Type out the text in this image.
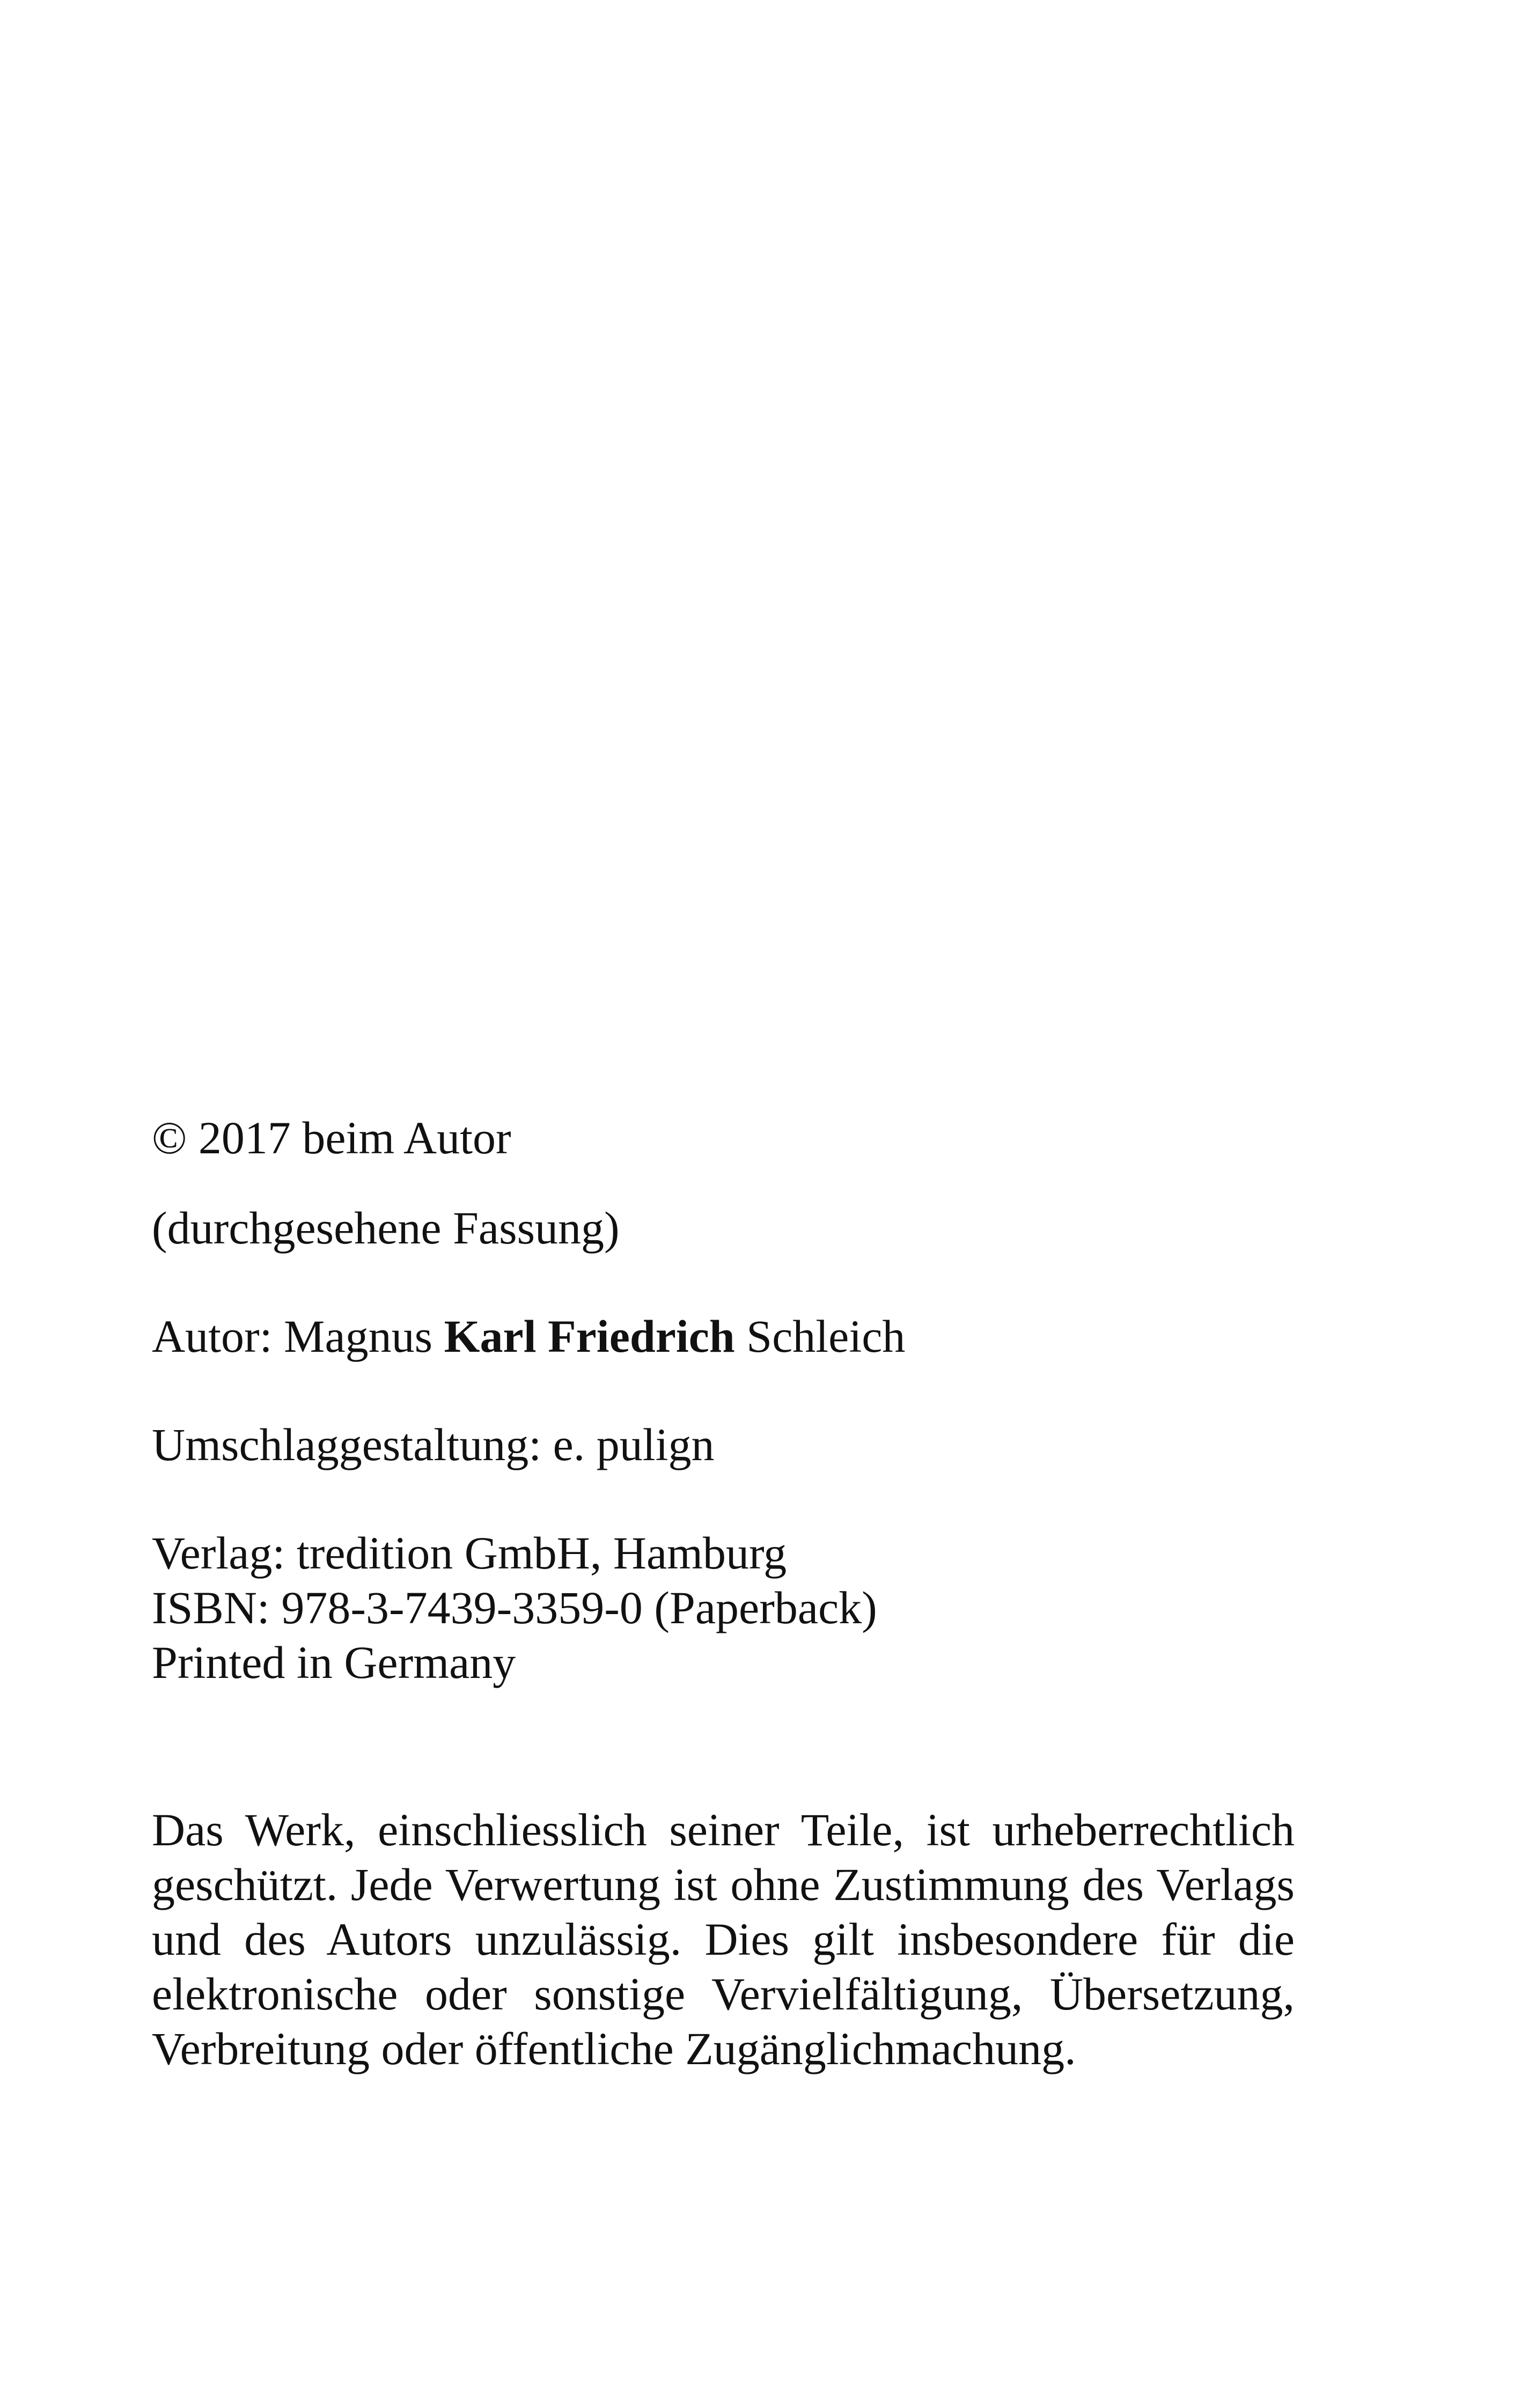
© 2017 beim Autor
(durchgesehene Fassung)
Autor: Magnus Karl Friedrich Schleich
Umschlaggestaltung: e. pulign
Verlag: tredition GmbH, Hamburg
ISBN: 978-3-7439-3359-0 (Paperback)
Printed in Germany

Das Werk, einschliesslich seiner Teile, ist urheberrechtlich geschützt. Jede Verwertung ist ohne Zustimmung des Verlags und des Autors unzulässig. Dies gilt insbesondere für die elektronische oder sonstige Vervielfältigung, Übersetzung, Verbreitung oder öffentliche Zugänglichmachung.
